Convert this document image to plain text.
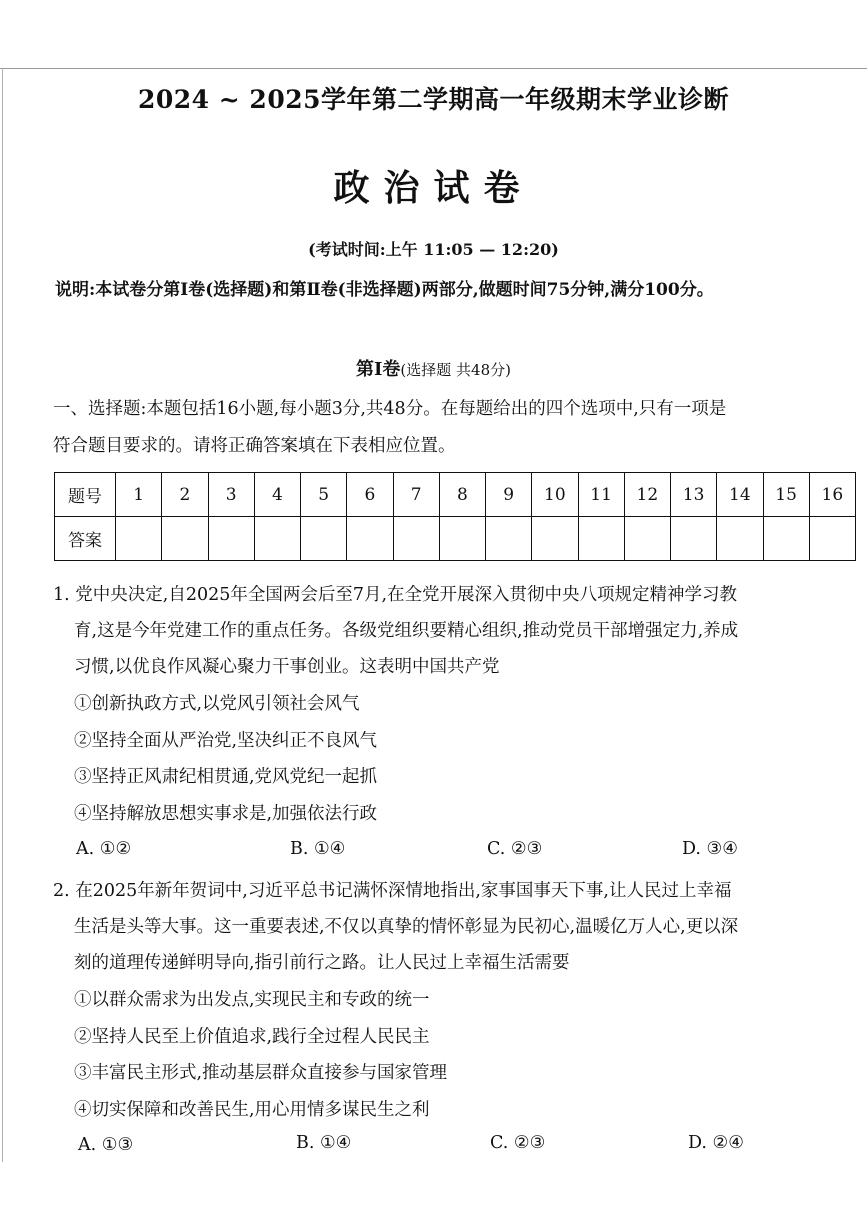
2024 ~ 2025学年第二学期高一年级期末学业诊断
政治试卷
(考试时间:上午 11:05 — 12:20)
说明:本试卷分第Ⅰ卷(选择题)和第Ⅱ卷(非选择题)两部分,做题时间75分钟,满分100分。
第Ⅰ卷(选择题 共48分)
一、选择题:本题包括16小题,每小题3分,共48分。在每题给出的四个选项中,只有一项是
符合题目要求的。请将正确答案填在下表相应位置。
题号	1	2	3	4	5	6	7	8	9	10	11	12	13	14	15	16
答案																
1. 党中央决定,自2025年全国两会后至7月,在全党开展深入贯彻中央八项规定精神学习教
育,这是今年党建工作的重点任务。各级党组织要精心组织,推动党员干部增强定力,养成
习惯,以优良作风凝心聚力干事创业。这表明中国共产党
①创新执政方式,以党风引领社会风气
②坚持全面从严治党,坚决纠正不良风气
③坚持正风肃纪相贯通,党风党纪一起抓
④坚持解放思想实事求是,加强依法行政
A. ①②	B. ①④	C. ②③	D. ③④
2. 在2025年新年贺词中,习近平总书记满怀深情地指出,家事国事天下事,让人民过上幸福
生活是头等大事。这一重要表述,不仅以真挚的情怀彰显为民初心,温暖亿万人心,更以深
刻的道理传递鲜明导向,指引前行之路。让人民过上幸福生活需要
①以群众需求为出发点,实现民主和专政的统一
②坚持人民至上价值追求,践行全过程人民民主
③丰富民主形式,推动基层群众直接参与国家管理
④切实保障和改善民生,用心用情多谋民生之利
A. ①③	B. ①④	C. ②③	D. ②④
